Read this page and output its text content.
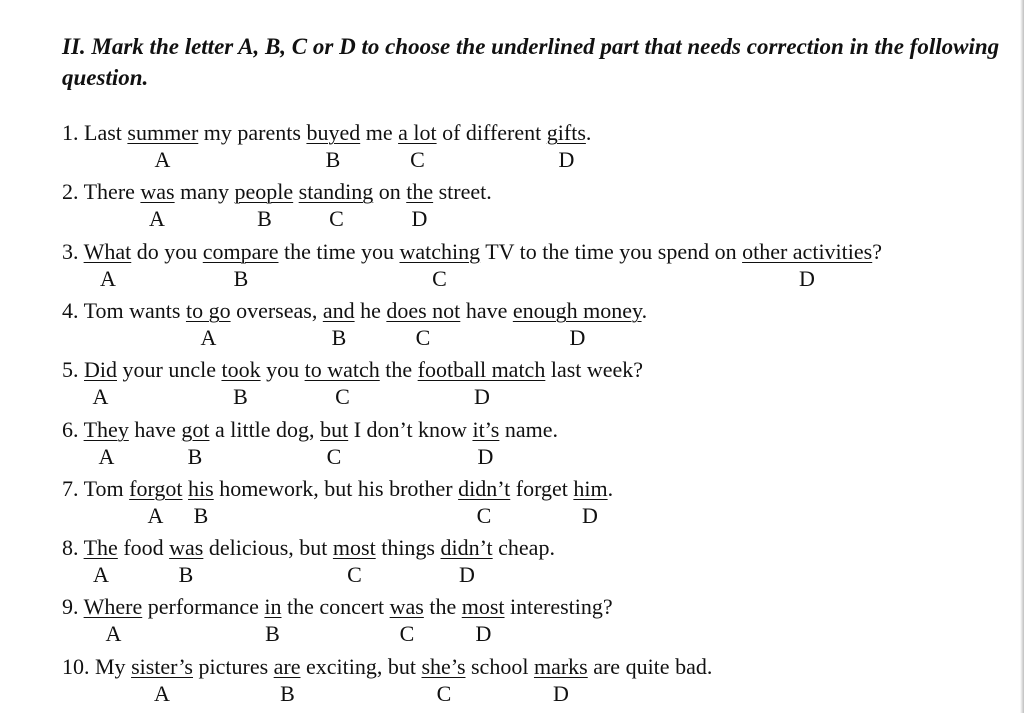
II. Mark the letter A, B, C or D to choose the underlined part that needs correction in the following question.

1. Last summer my parents buyed me a lot of different gifts.
A	B	C	D
2. There was many people standing on the street.
A	B	C	D
3. What do you compare the time you watching TV to the time you spend on other activities?
A	B	C	D
4. Tom wants to go overseas, and he does not have enough money.
A	B	C	D
5. Did your uncle took you to watch the football match last week?
A	B	C	D
6. They have got a little dog, but I don’t know it’s name.
A	B	C	D
7. Tom forgot his homework, but his brother didn’t forget him.
A	B	C	D
8. The food was delicious, but most things didn’t cheap.
A	B	C	D
9. Where performance in the concert was the most interesting?
A	B	C	D
10. My sister’s pictures are exciting, but she’s school marks are quite bad.
A	B	C	D
